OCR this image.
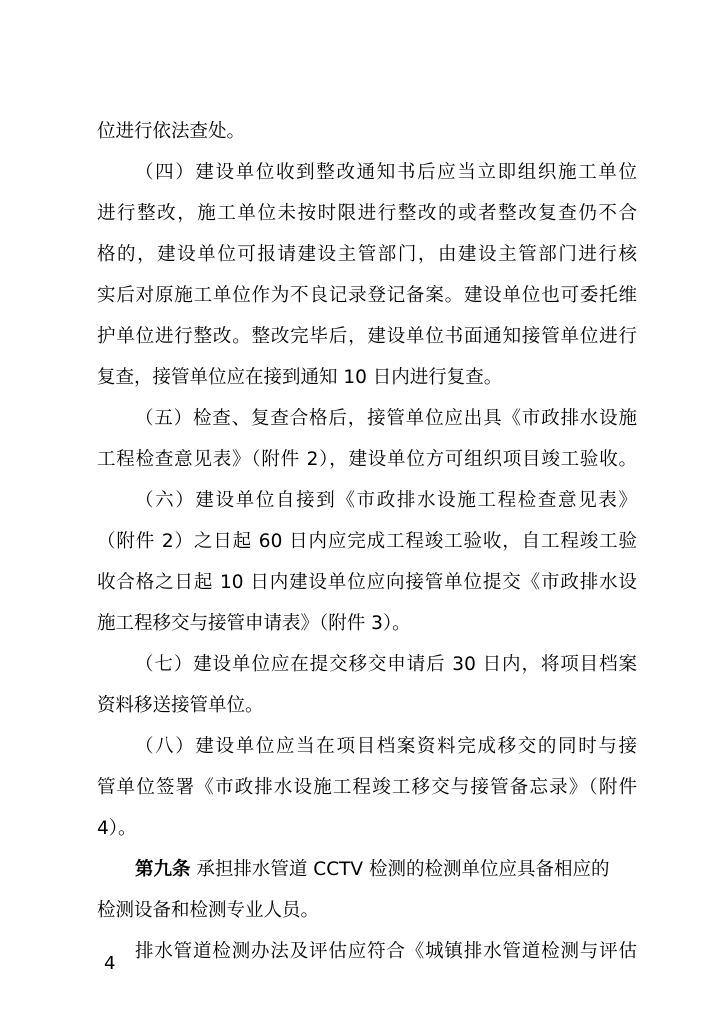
位进行依法查处。
（四）建设单位收到整改通知书后应当立即组织施工单位
进行整改，施工单位未按时限进行整改的或者整改复查仍不合
格的，建设单位可报请建设主管部门，由建设主管部门进行核
实后对原施工单位作为不良记录登记备案。建设单位也可委托维
护单位进行整改。整改完毕后，建设单位书面通知接管单位进行
复查，接管单位应在接到通知 10 日内进行复查。
（五）检查、复查合格后，接管单位应出具《市政排水设施
工程检查意见表》（附件 2），建设单位方可组织项目竣工验收。
（六）建设单位自接到《市政排水设施工程检查意见表》
（附件 2）之日起 60 日内应完成工程竣工验收，自工程竣工验
收合格之日起 10 日内建设单位应向接管单位提交《市政排水设
施工程移交与接管申请表》（附件 3）。
（七）建设单位应在提交移交申请后 30 日内，将项目档案
资料移送接管单位。
（八）建设单位应当在项目档案资料完成移交的同时与接
管单位签署《市政排水设施工程竣工移交与接管备忘录》（附件
4）。
第九条 承担排水管道 CCTV 检测的检测单位应具备相应的
检测设备和检测专业人员。
排水管道检测办法及评估应符合《城镇排水管道检测与评估
4
